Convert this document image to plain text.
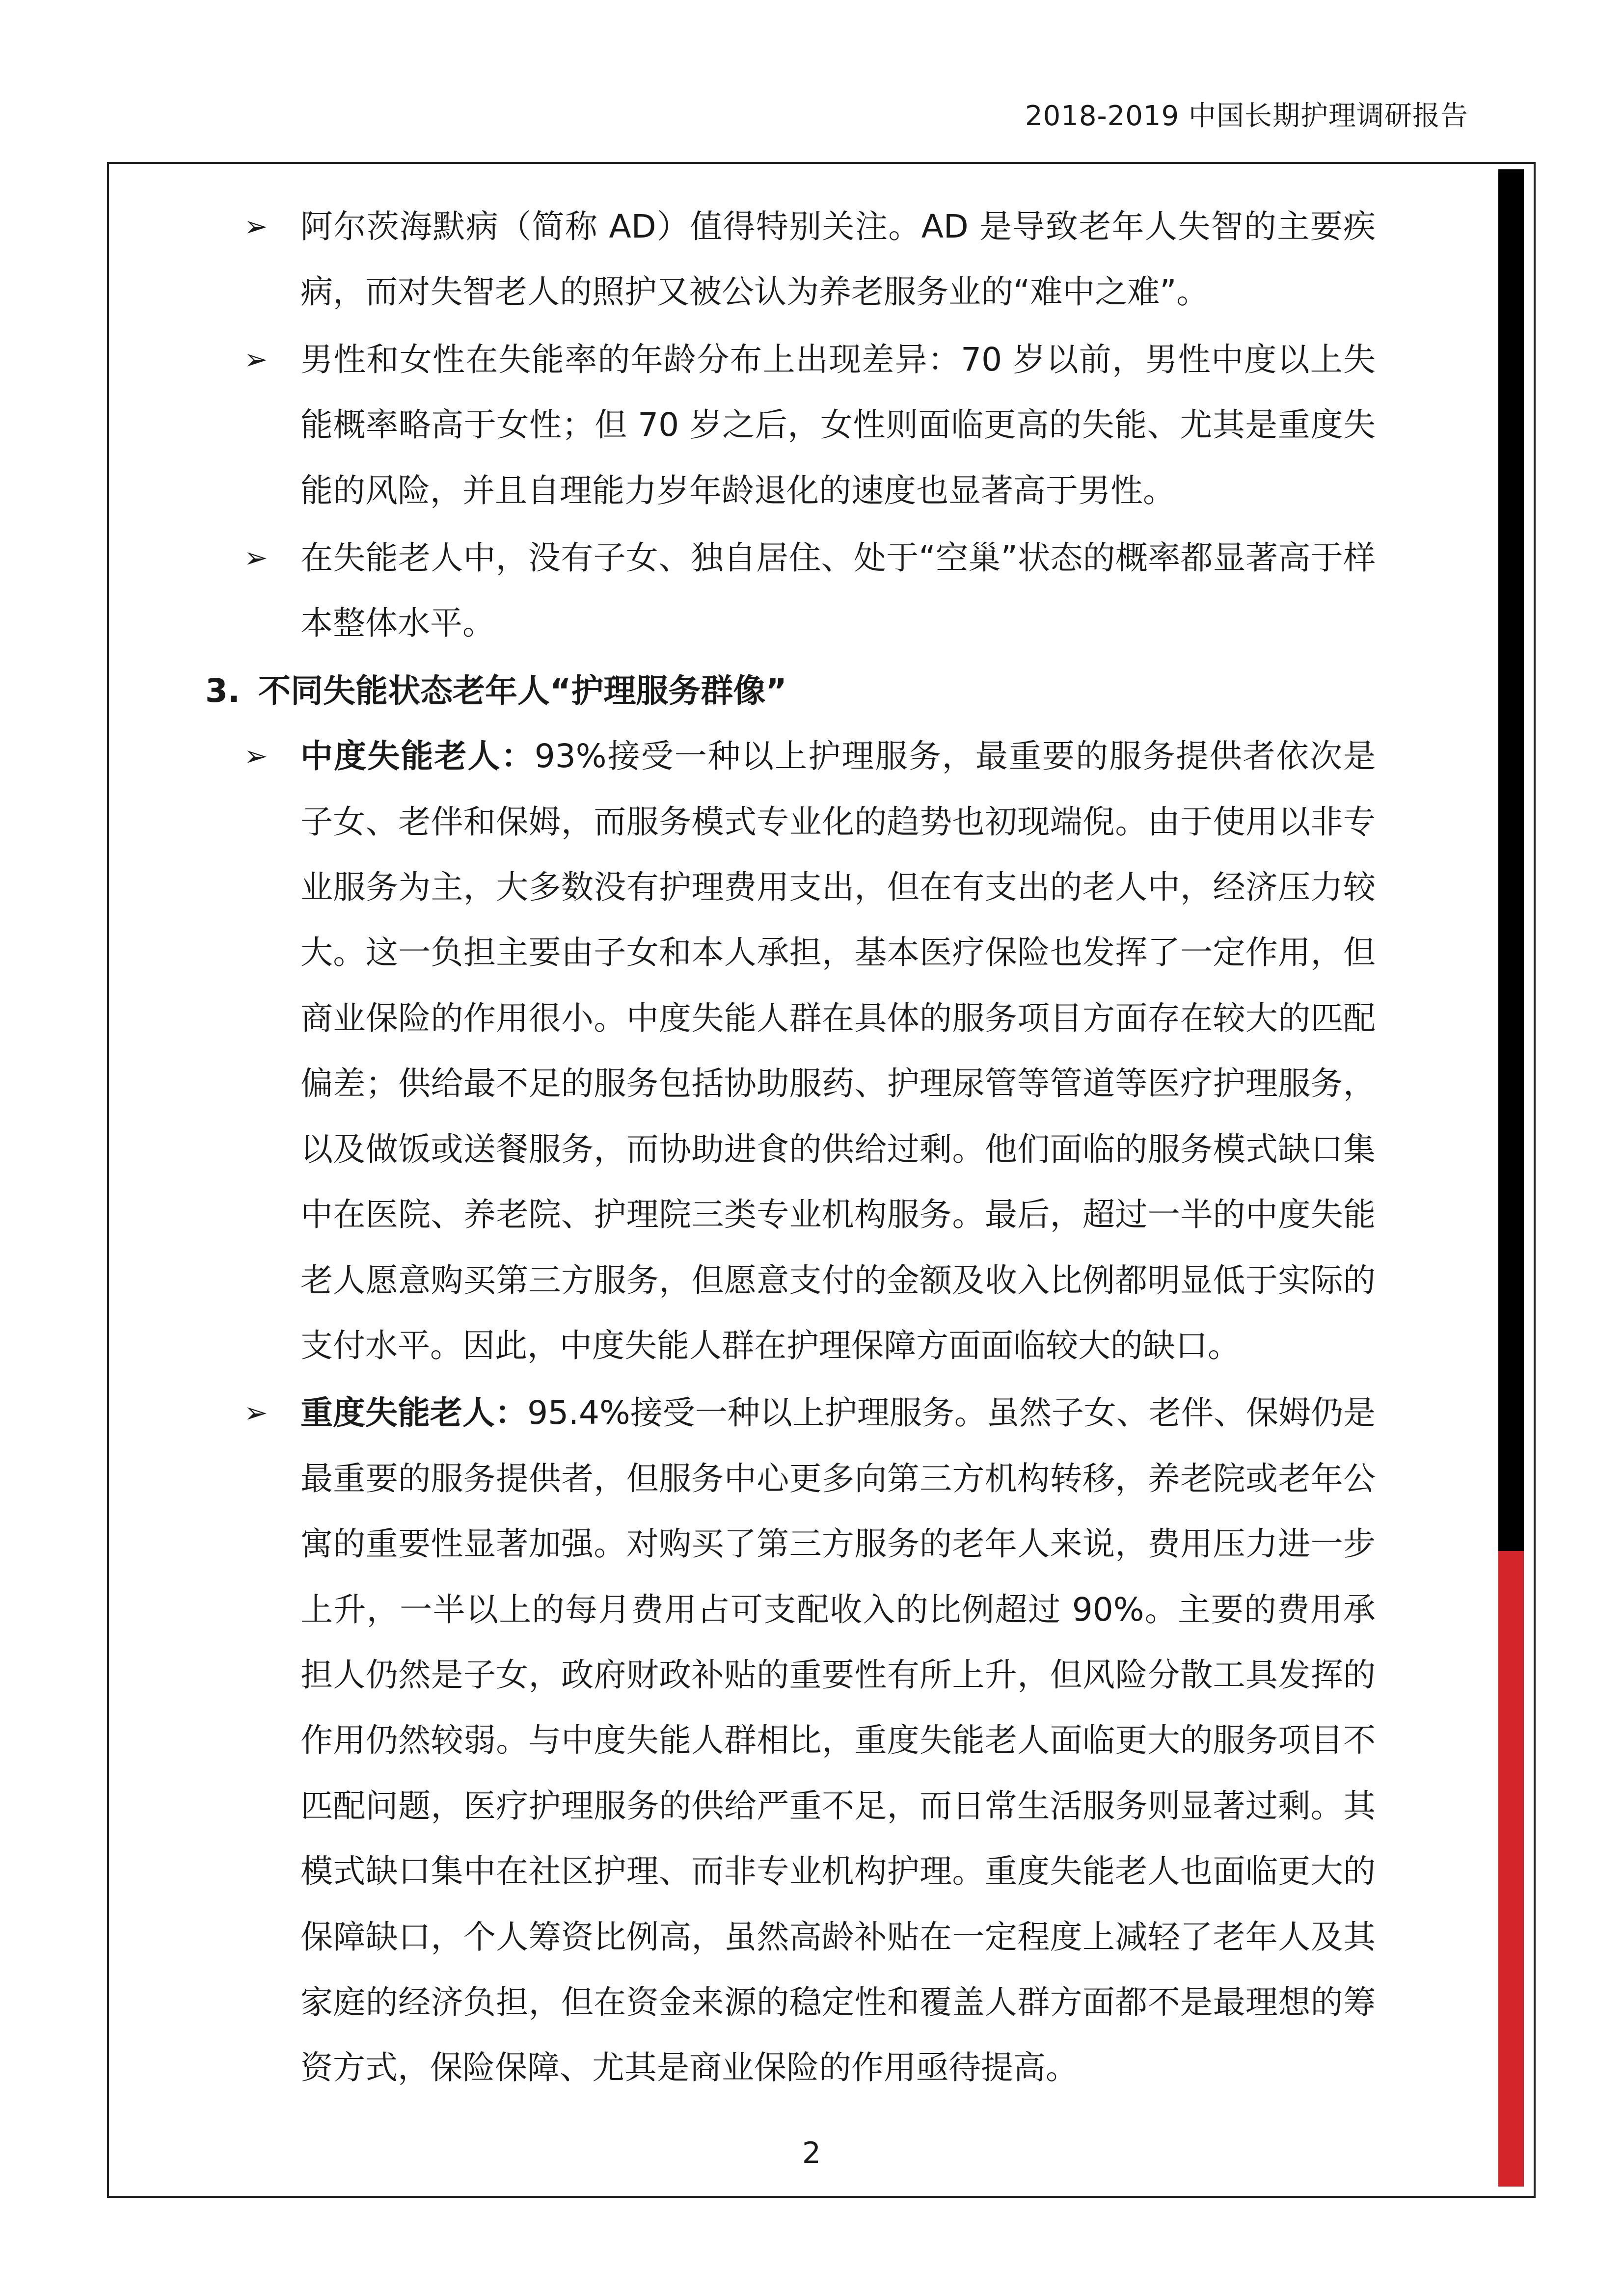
2018-2019 中国长期护理调研报告
➢ 阿尔茨海默病（简称 AD）值得特别关注。AD 是导致老年人失智的主要疾病，而对失智老人的照护又被公认为养老服务业的“难中之难”。
➢ 男性和女性在失能率的年龄分布上出现差异：70 岁以前，男性中度以上失能概率略高于女性；但 70 岁之后，女性则面临更高的失能、尤其是重度失能的风险，并且自理能力岁年龄退化的速度也显著高于男性。
➢ 在失能老人中，没有子女、独自居住、处于“空巢”状态的概率都显著高于样本整体水平。
3. 不同失能状态老年人“护理服务群像”
➢ 中度失能老人：93%接受一种以上护理服务，最重要的服务提供者依次是子女、老伴和保姆，而服务模式专业化的趋势也初现端倪。由于使用以非专业服务为主，大多数没有护理费用支出，但在有支出的老人中，经济压力较大。这一负担主要由子女和本人承担，基本医疗保险也发挥了一定作用，但商业保险的作用很小。中度失能人群在具体的服务项目方面存在较大的匹配偏差；供给最不足的服务包括协助服药、护理尿管等管道等医疗护理服务，以及做饭或送餐服务，而协助进食的供给过剩。他们面临的服务模式缺口集中在医院、养老院、护理院三类专业机构服务。最后，超过一半的中度失能老人愿意购买第三方服务，但愿意支付的金额及收入比例都明显低于实际的支付水平。因此，中度失能人群在护理保障方面面临较大的缺口。
➢ 重度失能老人：95.4%接受一种以上护理服务。虽然子女、老伴、保姆仍是最重要的服务提供者，但服务中心更多向第三方机构转移，养老院或老年公寓的重要性显著加强。对购买了第三方服务的老年人来说，费用压力进一步上升，一半以上的每月费用占可支配收入的比例超过 90%。主要的费用承担人仍然是子女，政府财政补贴的重要性有所上升，但风险分散工具发挥的作用仍然较弱。与中度失能人群相比，重度失能老人面临更大的服务项目不匹配问题，医疗护理服务的供给严重不足，而日常生活服务则显著过剩。其模式缺口集中在社区护理、而非专业机构护理。重度失能老人也面临更大的保障缺口，个人筹资比例高，虽然高龄补贴在一定程度上减轻了老年人及其家庭的经济负担，但在资金来源的稳定性和覆盖人群方面都不是最理想的筹资方式，保险保障、尤其是商业保险的作用亟待提高。
2
